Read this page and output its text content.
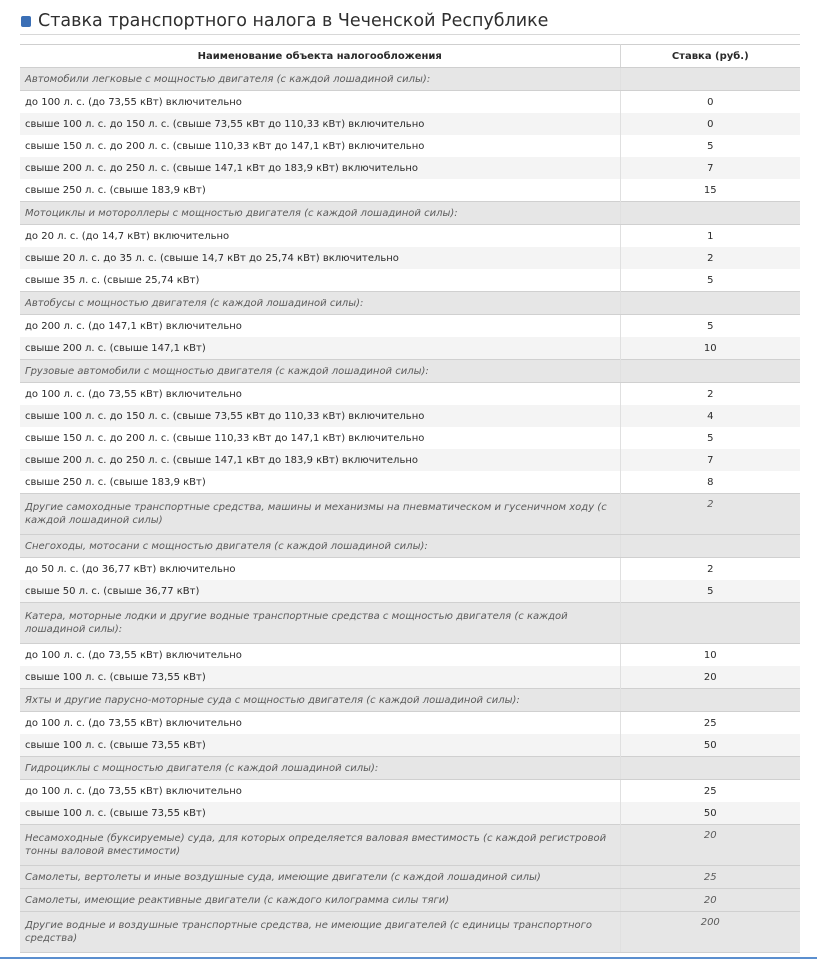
Ставка транспортного налога в Чеченской Республике
Наименование объекта налогообложения	Ставка (руб.)
Автомобили легковые с мощностью двигателя (с каждой лошадиной силы):	
до 100 л. с. (до 73,55 кВт) включительно	0
свыше 100 л. с. до 150 л. с. (свыше 73,55 кВт до 110,33 кВт) включительно	0
свыше 150 л. с. до 200 л. с. (свыше 110,33 кВт до 147,1 кВт) включительно	5
свыше 200 л. с. до 250 л. с. (свыше 147,1 кВт до 183,9 кВт) включительно	7
свыше 250 л. с. (свыше 183,9 кВт)	15
Мотоциклы и мотороллеры с мощностью двигателя (с каждой лошадиной силы):	
до 20 л. с. (до 14,7 кВт) включительно	1
свыше 20 л. с. до 35 л. с. (свыше 14,7 кВт до 25,74 кВт) включительно	2
свыше 35 л. с. (свыше 25,74 кВт)	5
Автобусы с мощностью двигателя (с каждой лошадиной силы):	
до 200 л. с. (до 147,1 кВт) включительно	5
свыше 200 л. с. (свыше 147,1 кВт)	10
Грузовые автомобили с мощностью двигателя (с каждой лошадиной силы):	
до 100 л. с. (до 73,55 кВт) включительно	2
свыше 100 л. с. до 150 л. с. (свыше 73,55 кВт до 110,33 кВт) включительно	4
свыше 150 л. с. до 200 л. с. (свыше 110,33 кВт до 147,1 кВт) включительно	5
свыше 200 л. с. до 250 л. с. (свыше 147,1 кВт до 183,9 кВт) включительно	7
свыше 250 л. с. (свыше 183,9 кВт)	8
Другие самоходные транспортные средства, машины и механизмы на пневматическом и гусеничном ходу (с каждой лошадиной силы)	2
Снегоходы, мотосани с мощностью двигателя (с каждой лошадиной силы):	
до 50 л. с. (до 36,77 кВт) включительно	2
свыше 50 л. с. (свыше 36,77 кВт)	5
Катера, моторные лодки и другие водные транспортные средства с мощностью двигателя (с каждой лошадиной силы):	
до 100 л. с. (до 73,55 кВт) включительно	10
свыше 100 л. с. (свыше 73,55 кВт)	20
Яхты и другие парусно-моторные суда с мощностью двигателя (с каждой лошадиной силы):	
до 100 л. с. (до 73,55 кВт) включительно	25
свыше 100 л. с. (свыше 73,55 кВт)	50
Гидроциклы с мощностью двигателя (с каждой лошадиной силы):	
до 100 л. с. (до 73,55 кВт) включительно	25
свыше 100 л. с. (свыше 73,55 кВт)	50
Несамоходные (буксируемые) суда, для которых определяется валовая вместимость (с каждой регистровой тонны валовой вместимости)	20
Самолеты, вертолеты и иные воздушные суда, имеющие двигатели (с каждой лошадиной силы)	25
Самолеты, имеющие реактивные двигатели (с каждого килограмма силы тяги)	20
Другие водные и воздушные транспортные средства, не имеющие двигателей (с единицы транспортного средства)	200
